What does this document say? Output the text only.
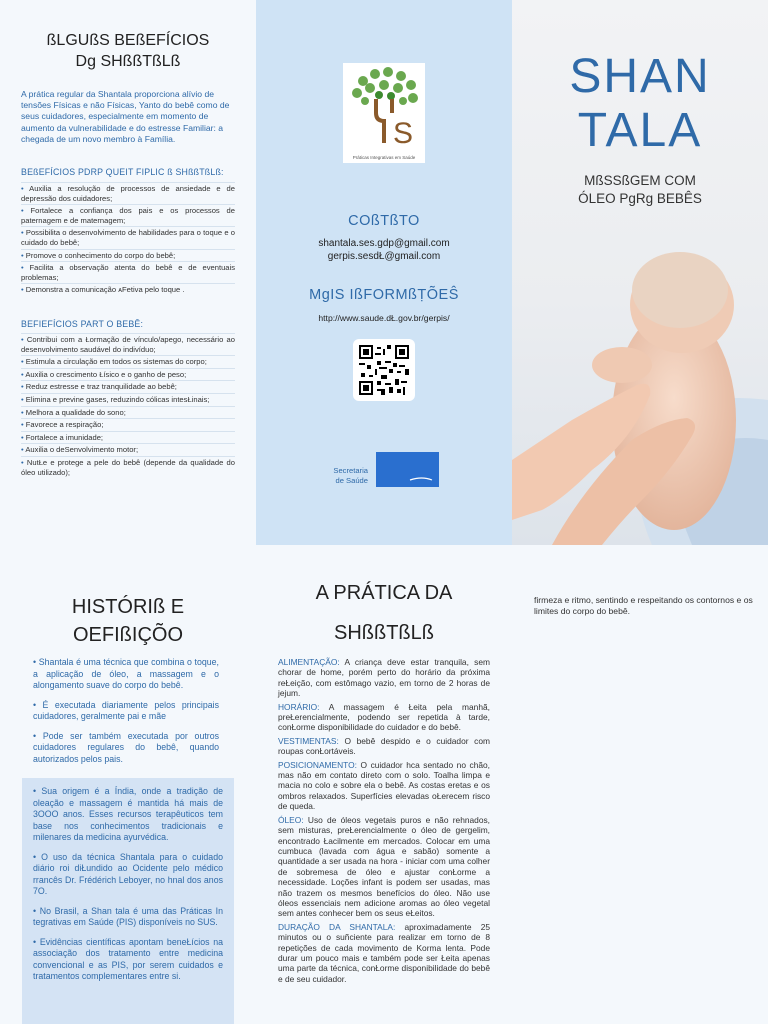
ßLGUßS BEßEFÍCIOS
Dg SHßßTßLß

A prática regular da Shantala proporciona alívio de tensões Físicas e não Físicas, Yanto do bebê como de seus cuidadores, especialmente em momento de aumento da vulnerabilidade e do estresse Familiar: a chegada de um novo membro à Família.

BEßEFÍCIOS PDRP QUEIT FIPLIC ß SHßßTßLß:
• Auxilia a resolução de processos de ansiedade e de depressão dos cuidadores;
• Fortalece a confiança dos pais e os processos de paternagem e de maternagem;
• Possibilita o desenvolvimento de habilidades para o toque e o cuidado do bebê;
• Promove o conhecimento do corpo do bebê;
• Facilita a observação atenta do bebê e de eventuais problemas;
• Demonstra a comunicação ᴀFetiva pelo toque .
BEFIEFÍCIOS PART O BEBÊ:
• Contribui com a Łormação de vínculo/apego, necessário ao desenvolvimento saudável do indivíduo;
• Estimula a circulação em todos os sistemas do corpo;
• Auxilia o crescimento Łísico e o ganho de peso;
• Reduz estresse e traz tranquilidade ao bebê;
• Elimina e previne gases, reduzindo cólicas intesŁinais;
• Melhora a qualidade do sono;
• Favorece a respiração;
• Fortalece a imunidade;
• Auxilia o deSenvolvimento motor;
• NutŁe e protege a pele do bebê (depende da qualidade do óleo utilizado);
S
Práticas Integrativas em Saúde
COßTßTO
shantala.ses.gdp@gmail.com
gerpis.sesdŁ@gmail.com
MgIS IßFORMßṬÕEŜ
http://www.saude.dŁ.gov.br/gerpis/
Secretaria
de Saúde
SHAN
TALA
MßSSßGEM COM
ÓLEO PgRg BEBÊS
HISTÓRIß E
OEFIßIÇÕO

• Shantala é uma técnica que combina o toque, a aplicação de óleo, a massagem e o alongamento suave do corpo do bebê.

• É executada diariamente pelos principais cuidadores, geralmente pai e mãe

• Pode ser também executada por outros cuidadores regulares do bebê, quando autorizados pelos pais.

• Sua origem é a Índia, onde a tradição de oleação e massagem é mantida há mais de 3OOO anos. Esses recursos terapêuticos tem base nos conhecimentos tradicionais e milenares da medicina ayurvédica.

• O uso da técnica Shantala para o cuidado diário roi diŁundido ao Ocidente pelo médico rrancês Dr. Frédérich Leboyer, no hnal dos anos 7O.

• No Brasil, a Shan tala é uma das Práticas In tegrativas em Saúde (PIS) disponíveis no SUS.

• Evidências científicas apontam beneŁícios na associação dos tratamento entre medicina convencional e as PIS, por serem cuidados e tratamentos complementares entre si.

A PRÁTICA DA
SHßßTßLß

ALIMENTAÇÃO: A criança deve estar tranquila, sem chorar de home, porém perto do horário da próxima reŁeição, com estômago vazio, em torno de 2 horas de jejum.

HORÁRIO: A massagem é Łeita pela manhã, preŁerencialmente, podendo ser repetida à tarde, conŁorme disponibilidade do cuidador e do bebê.

VESTIMENTAS: O bebê despido e o cuidador com roupas conŁortáveis.

POSICIONAMENTO: O cuidador hca sentado no chão, mas não em contato direto com o solo. Toalha limpa e macia no colo e sobre ela o bebê. As costas eretas e os ombros relaxados. Superfícies elevadas oŁerecem risco de queda.

ÓLEO: Uso de óleos vegetais puros e não rehnados, sem misturas, preŁerencialmente o óleo de gergelim, encontrado Łacilmente em mercados. Colocar em uma cumbuca (lavada com água e sabão) somente a quantidade a ser usada na hora - iniciar com uma colher de sobremesa de óleo e ajustar conŁorme a necessidade. Loções infant is podem ser usadas, mas não trazem os mesmos benefícios do óleo. Não use óleos essenciais nem adicione aromas ao óleo vegetal sem antes conhecer bem os seus eŁeitos.

DURAÇÃO DA SHANTALA: aproximadamente 25 minutos ou o suñciente para realizar em torno de 8 repetições de cada movimento de Korma lenta. Pode durar um pouco mais e também pode ser Łeita apenas uma parte da técnica, conŁorme disponibilidade do bebê e de seu cuidador.

firmeza e ritmo, sentindo e respeitando os contornos e os limites do corpo do bebê.
